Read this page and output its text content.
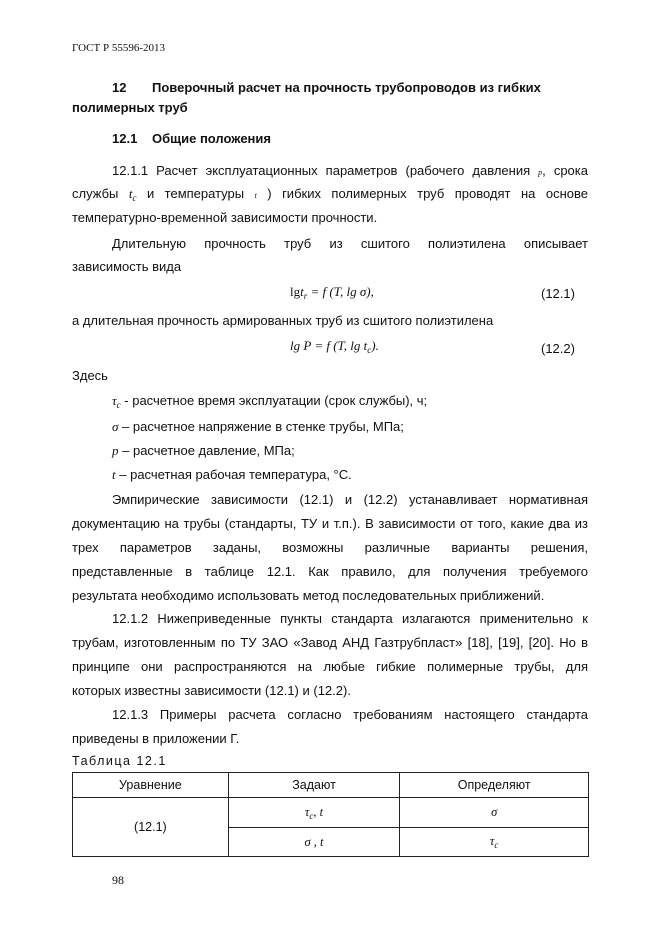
ГОСТ Р 55596-2013
12 Поверочный расчет на прочность трубопроводов из гибких
полимерных труб
12.1 Общие положения
12.1.1 Расчет эксплуатационных параметров (рабочего давления p, срока
службы $t_c$ и температуры t ) гибких полимерных труб проводят на основе
температурно-временной зависимости прочности.
Длительную прочность труб из сшитого полиэтилена описывает
зависимость вида
lgt$_r$ = f (T, lg σ),	(12.1)
а длительная прочность армированных труб из сшитого полиэтилена
lg P = f (T, $\lg t_c$).	(12.2)
Здесь
$\tau_c$ - расчетное время эксплуатации (срок службы), ч;
σ – расчетное напряжение в стенке трубы, МПа;
p – расчетное давление, МПа;
t – расчетная рабочая температура, °С.
Эмпирические зависимости (12.1) и (12.2) устанавливает нормативная
документацию на трубы (стандарты, ТУ и т.п.). В зависимости от того, какие два из
трех параметров заданы, возможны различные варианты решения,
представленные в таблице 12.1. Как правило, для получения требуемого
результата необходимо использовать метод последовательных приближений.
12.1.2 Нижеприведенные пункты стандарта излагаются применительно к
трубам, изготовленным по ТУ ЗАО «Завод АНД Газтрубпласт» [18], [19], [20]. Но в
принципе они распространяются на любые гибкие полимерные трубы, для
которых известны зависимости (12.1) и (12.2).
12.1.3 Примеры расчета согласно требованиям настоящего стандарта
приведены в приложении Г.
Таблица 12.1
Уравнение	Задают	Определяют
(12.1)	$\tau_c$, t	σ
	σ , t	$\tau_c$
98
